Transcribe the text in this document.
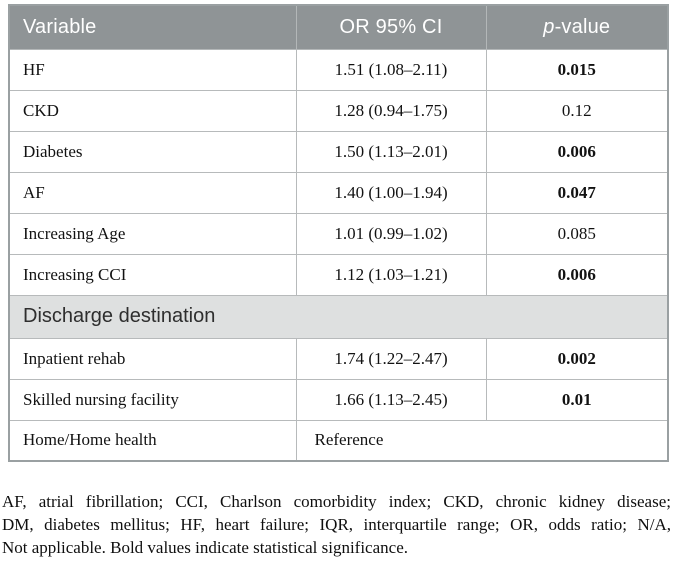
Variable	OR 95% CI	p-value
HF	1.51 (1.08–2.11)	0.015
CKD	1.28 (0.94–1.75)	0.12
Diabetes	1.50 (1.13–2.01)	0.006
AF	1.40 (1.00–1.94)	0.047
Increasing Age	1.01 (0.99–1.02)	0.085
Increasing CCI	1.12 (1.03–1.21)	0.006
Discharge destination		
Inpatient rehab	1.74 (1.22–2.47)	0.002
Skilled nursing facility	1.66 (1.13–2.45)	0.01
Home/Home health	Reference	
AF, atrial fibrillation; CCI, Charlson comorbidity index; CKD, chronic kidney disease;
DM, diabetes mellitus; HF, heart failure; IQR, interquartile range; OR, odds ratio; N/A,
Not applicable. Bold values indicate statistical significance.
